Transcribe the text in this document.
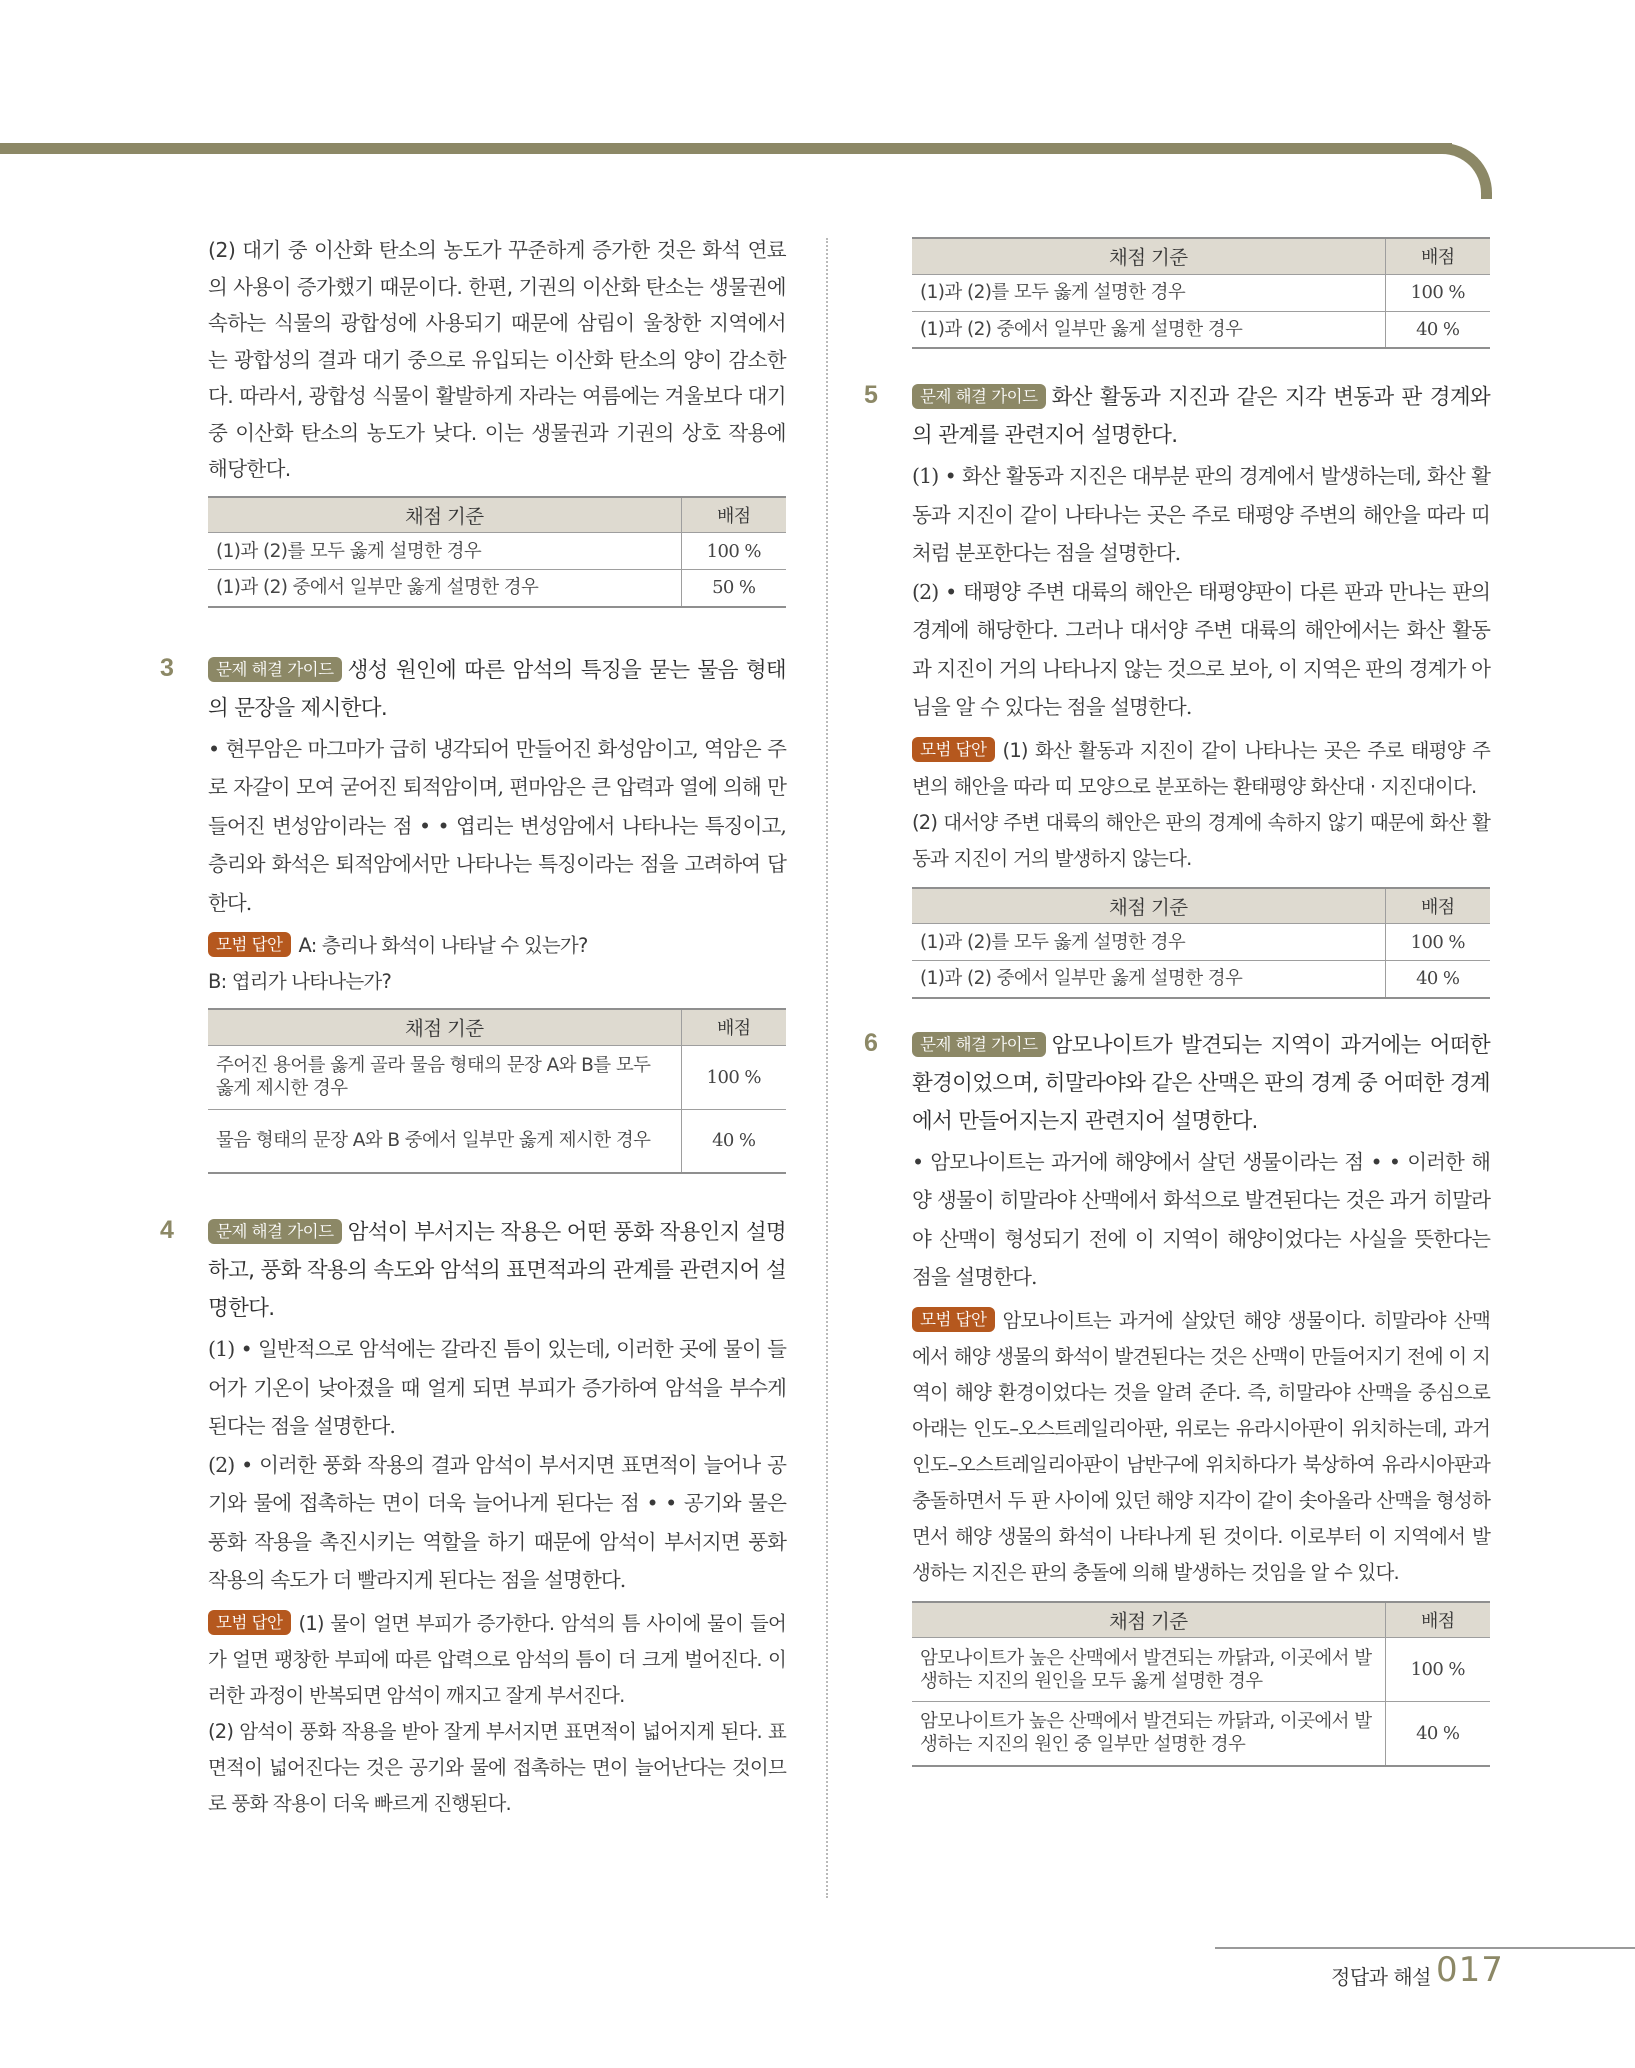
(2) 대기 중 이산화 탄소의 농도가 꾸준하게 증가한 것은 화석 연료의 사용이 증가했기 때문이다. 한편, 기권의 이산화 탄소는 생물권에 속하는 식물의 광합성에 사용되기 때문에 삼림이 울창한 지역에서는 광합성의 결과 대기 중으로 유입되는 이산화 탄소의 양이 감소한다. 따라서, 광합성 식물이 활발하게 자라는 여름에는 겨울보다 대기 중 이산화 탄소의 농도가 낮다. 이는 생물권과 기권의 상호 작용에 해당한다.

채점 기준	배점
(1)과 (2)를 모두 옳게 설명한 경우	100 %
(1)과 (2) 중에서 일부만 옳게 설명한 경우	50 %
3	문제 해결 가이드 생성 원인에 따른 암석의 특징을 묻는 물음 형태의 문장을 제시한다.

• 현무암은 마그마가 급히 냉각되어 만들어진 화성암이고, 역암은 주로 자갈이 모여 굳어진 퇴적암이며, 편마암은 큰 압력과 열에 의해 만들어진 변성암이라는 점 • • 엽리는 변성암에서 나타나는 특징이고, 층리와 화석은 퇴적암에서만 나타나는 특징이라는 점을 고려하여 답한다.

모범 답안 A: 층리나 화석이 나타날 수 있는가?
B: 엽리가 나타나는가?

채점 기준	배점
주어진 용어를 옳게 골라 물음 형태의 문장 A와 B를 모두 옳게 제시한 경우	100 %
물음 형태의 문장 A와 B 중에서 일부만 옳게 제시한 경우	40 %
4	문제 해결 가이드 암석이 부서지는 작용은 어떤 풍화 작용인지 설명하고, 풍화 작용의 속도와 암석의 표면적과의 관계를 관련지어 설명한다.

(1) • 일반적으로 암석에는 갈라진 틈이 있는데, 이러한 곳에 물이 들어가 기온이 낮아졌을 때 얼게 되면 부피가 증가하여 암석을 부수게 된다는 점을 설명한다.

(2) • 이러한 풍화 작용의 결과 암석이 부서지면 표면적이 늘어나 공기와 물에 접촉하는 면이 더욱 늘어나게 된다는 점 • • 공기와 물은 풍화 작용을 촉진시키는 역할을 하기 때문에 암석이 부서지면 풍화 작용의 속도가 더 빨라지게 된다는 점을 설명한다.

모범 답안 (1) 물이 얼면 부피가 증가한다. 암석의 틈 사이에 물이 들어가 얼면 팽창한 부피에 따른 압력으로 암석의 틈이 더 크게 벌어진다. 이러한 과정이 반복되면 암석이 깨지고 잘게 부서진다.

(2) 암석이 풍화 작용을 받아 잘게 부서지면 표면적이 넓어지게 된다. 표면적이 넓어진다는 것은 공기와 물에 접촉하는 면이 늘어난다는 것이므로 풍화 작용이 더욱 빠르게 진행된다.

채점 기준	배점
(1)과 (2)를 모두 옳게 설명한 경우	100 %
(1)과 (2) 중에서 일부만 옳게 설명한 경우	40 %
5	문제 해결 가이드 화산 활동과 지진과 같은 지각 변동과 판 경계와의 관계를 관련지어 설명한다.

(1) • 화산 활동과 지진은 대부분 판의 경계에서 발생하는데, 화산 활동과 지진이 같이 나타나는 곳은 주로 태평양 주변의 해안을 따라 띠처럼 분포한다는 점을 설명한다.

(2) • 태평양 주변 대륙의 해안은 태평양판이 다른 판과 만나는 판의 경계에 해당한다. 그러나 대서양 주변 대륙의 해안에서는 화산 활동과 지진이 거의 나타나지 않는 것으로 보아, 이 지역은 판의 경계가 아님을 알 수 있다는 점을 설명한다.

모범 답안 (1) 화산 활동과 지진이 같이 나타나는 곳은 주로 태평양 주변의 해안을 따라 띠 모양으로 분포하는 환태평양 화산대 · 지진대이다.

(2) 대서양 주변 대륙의 해안은 판의 경계에 속하지 않기 때문에 화산 활동과 지진이 거의 발생하지 않는다.

채점 기준	배점
(1)과 (2)를 모두 옳게 설명한 경우	100 %
(1)과 (2) 중에서 일부만 옳게 설명한 경우	40 %
6	문제 해결 가이드 암모나이트가 발견되는 지역이 과거에는 어떠한 환경이었으며, 히말라야와 같은 산맥은 판의 경계 중 어떠한 경계에서 만들어지는지 관련지어 설명한다.

• 암모나이트는 과거에 해양에서 살던 생물이라는 점 • • 이러한 해양 생물이 히말라야 산맥에서 화석으로 발견된다는 것은 과거 히말라야 산맥이 형성되기 전에 이 지역이 해양이었다는 사실을 뜻한다는 점을 설명한다.

모범 답안 암모나이트는 과거에 살았던 해양 생물이다. 히말라야 산맥에서 해양 생물의 화석이 발견된다는 것은 산맥이 만들어지기 전에 이 지역이 해양 환경이었다는 것을 알려 준다. 즉, 히말라야 산맥을 중심으로 아래는 인도–오스트레일리아판, 위로는 유라시아판이 위치하는데, 과거 인도–오스트레일리아판이 남반구에 위치하다가 북상하여 유라시아판과 충돌하면서 두 판 사이에 있던 해양 지각이 같이 솟아올라 산맥을 형성하면서 해양 생물의 화석이 나타나게 된 것이다. 이로부터 이 지역에서 발생하는 지진은 판의 충돌에 의해 발생하는 것임을 알 수 있다.

채점 기준	배점
암모나이트가 높은 산맥에서 발견되는 까닭과, 이곳에서 발생하는 지진의 원인을 모두 옳게 설명한 경우	100 %
암모나이트가 높은 산맥에서 발견되는 까닭과, 이곳에서 발생하는 지진의 원인 중 일부만 설명한 경우	40 %
정답과 해설 017
